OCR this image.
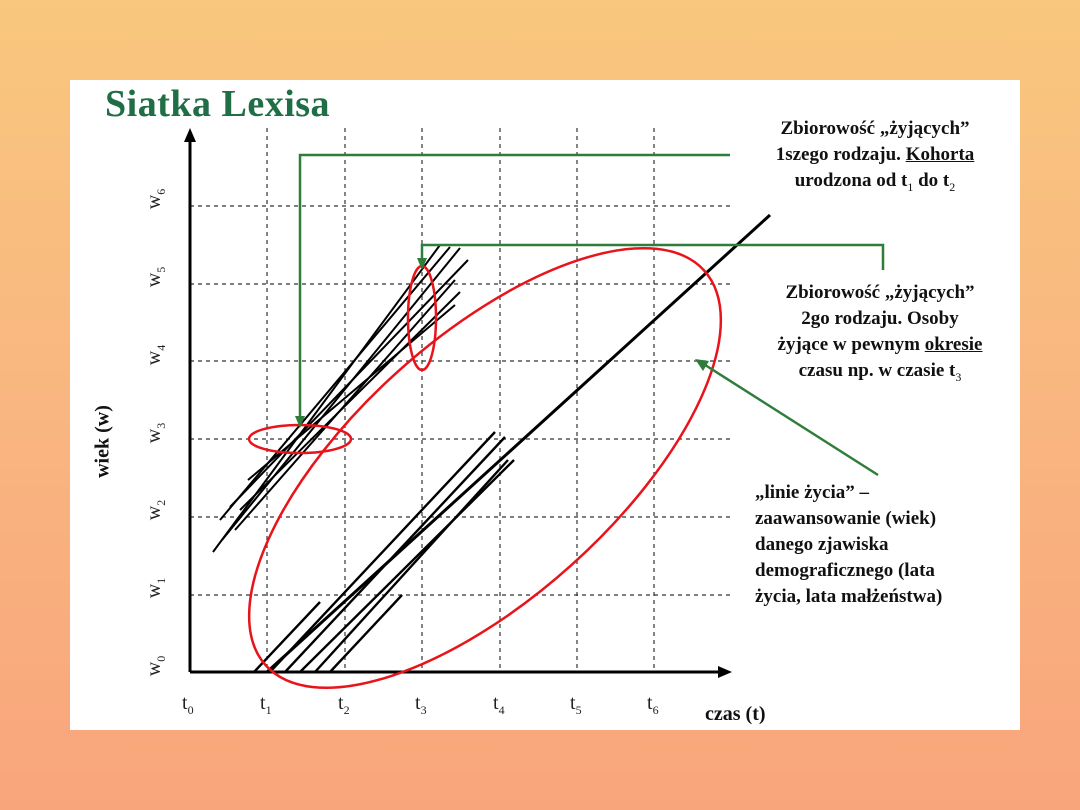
Siatka Lexisa
wiek (w)
$w_0$
$w_1$
$w_2$
$w_3$
$w_4$
$w_5$
$w_6$
$t_0$	$t_1$	$t_2$	$t_3$	$t_4$	$t_5$	$t_6$ czas (t)
Zbiorowość „żyjących”
1szego rodzaju. Kohorta
urodzona od $t_1$ do $t_2$
Zbiorowość „żyjących”
2go rodzaju. Osoby
żyjące w pewnym okresie
czasu np. w czasie $t_3$
„linie życia” –
zaawansowanie (wiek)
danego zjawiska
demograficznego (lata
życia, lata małżeństwa)
